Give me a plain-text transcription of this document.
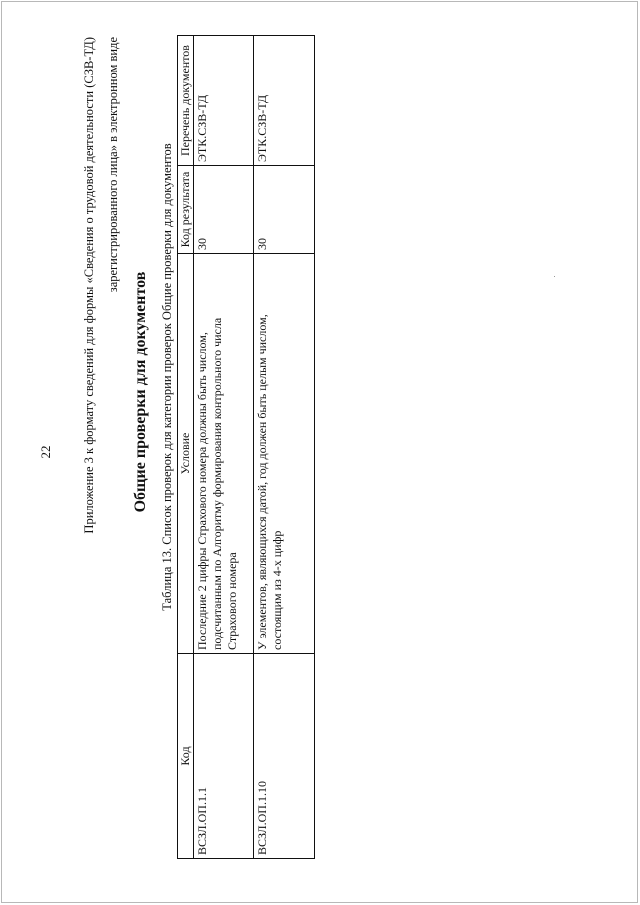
22 Приложение 3 к формату сведений для формы «Сведения о трудовой деятельности (СЗВ-ТД) зарегистрированного лица» в электронном виде
Общие проверки для документов Таблица 13. Список проверок для категории проверок Общие проверки для документов
Код	Условие	Код результата	Перечень документов
ВСЗЛ.ОП.1.1	Последние 2 цифры Страхового номера должны быть числом, подсчитанным по Алгоритму формирования контрольного числа Страхового номера	30	ЭТК.СЗВ-ТД
ВСЗЛ.ОП.1.10	У элементов, являющихся датой, год должен быть целым числом, состоящим из 4-х цифр	30	ЭТК.СЗВ-ТД
